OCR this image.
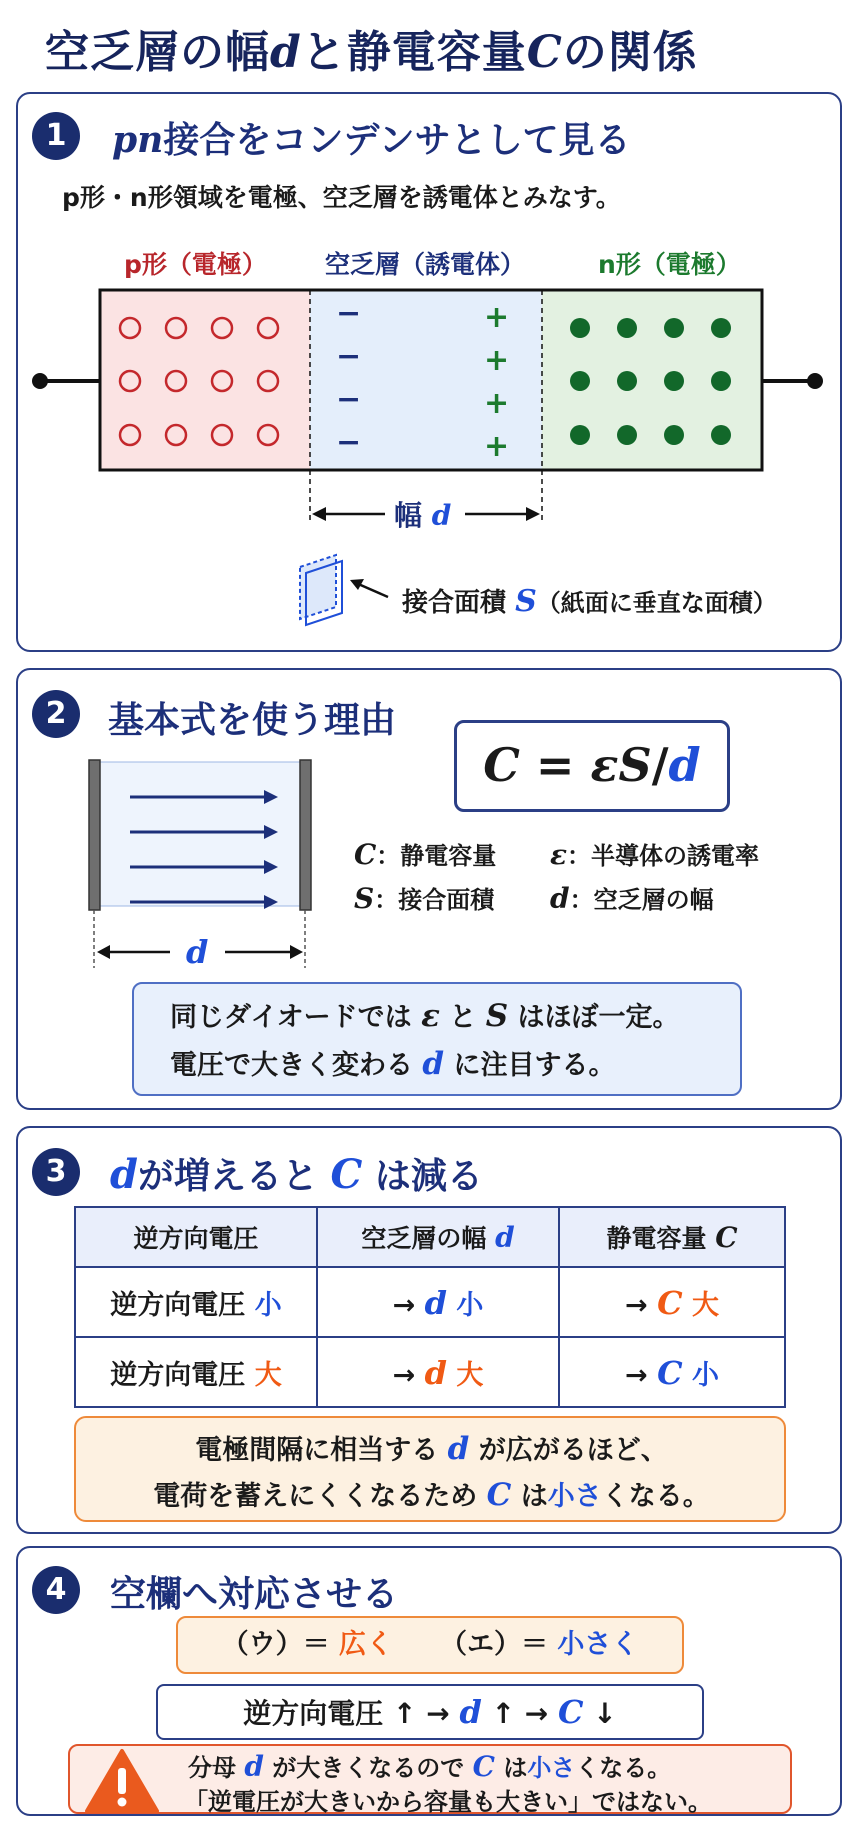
空乏層の幅dと静電容量Cの関係
1	pn接合をコンデンサとして見る
p形・n形領域を電極、空乏層を誘電体とみなす。
p形（電極） 空乏層（誘電体）	n形（電極）
−
−
−
−
+
+
+
+
幅 d
接合面積 S（紙面に垂直な面積）
2	基本式を使う理由
d
C = εS/d
C：静電容量 ε：半導体の誘電率
S：接合面積 d：空乏層の幅
同じダイオードでは ε と S はほぼ一定。
電圧で大きく変わる d に注目する。
3	dが増えると C は減る
逆方向電圧	空乏層の幅 d	静電容量 C
逆方向電圧 小	→ d 小	→ C 大
逆方向電圧 大	→ d 大	→ C 小
電極間隔に相当する d が広がるほど、
電荷を蓄えにくくなるため C は小さくなる。
4	空欄へ対応させる
（ウ）＝ 広く （エ）＝ 小さく
逆方向電圧 ↑ → d ↑ → C ↓
分母 d が大きくなるので C は小さくなる。
「逆電圧が大きいから容量も大きい」ではない。
